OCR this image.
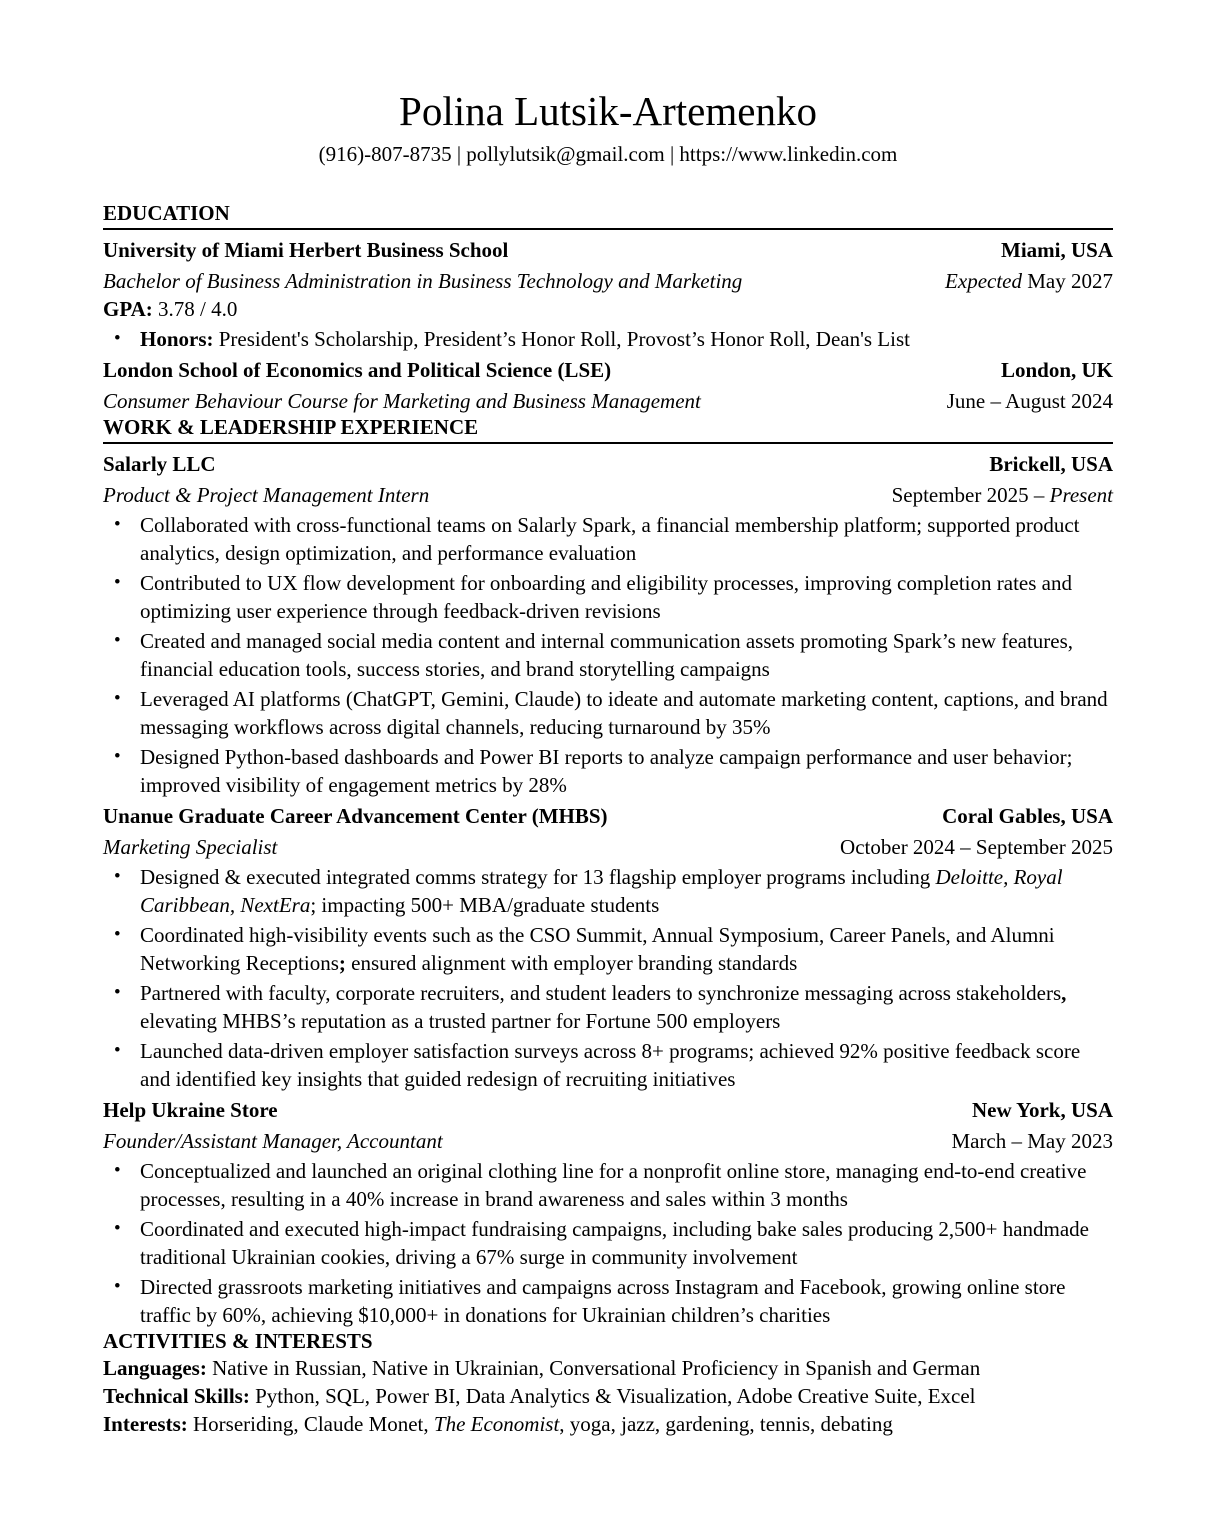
Polina Lutsik-Artemenko
(916)-807-8735 | pollylutsik@gmail.com | https://www.linkedin.com
EDUCATION
University of Miami Herbert Business School	Miami, USA
Bachelor of Business Administration in Business Technology and Marketing	Expected May 2027
GPA: 3.78 / 4.0
• Honors: President's Scholarship, President’s Honor Roll, Provost’s Honor Roll, Dean's List
London School of Economics and Political Science (LSE)	London, UK
Consumer Behaviour Course for Marketing and Business Management	June – August 2024
WORK & LEADERSHIP EXPERIENCE
Salarly LLC	Brickell, USA
Product & Project Management Intern	September 2025 – Present
• Collaborated with cross-functional teams on Salarly Spark, a financial membership platform; supported product analytics, design optimization, and performance evaluation
• Contributed to UX flow development for onboarding and eligibility processes, improving completion rates and optimizing user experience through feedback-driven revisions
• Created and managed social media content and internal communication assets promoting Spark’s new features, financial education tools, success stories, and brand storytelling campaigns
• Leveraged AI platforms (ChatGPT, Gemini, Claude) to ideate and automate marketing content, captions, and brand messaging workflows across digital channels, reducing turnaround by 35%
• Designed Python-based dashboards and Power BI reports to analyze campaign performance and user behavior; improved visibility of engagement metrics by 28%
Unanue Graduate Career Advancement Center (MHBS)	Coral Gables, USA
Marketing Specialist	October 2024 – September 2025
• Designed & executed integrated comms strategy for 13 flagship employer programs including Deloitte, Royal Caribbean, NextEra; impacting 500+ MBA/graduate students
• Coordinated high-visibility events such as the CSO Summit, Annual Symposium, Career Panels, and Alumni Networking Receptions; ensured alignment with employer branding standards
• Partnered with faculty, corporate recruiters, and student leaders to synchronize messaging across stakeholders, elevating MHBS’s reputation as a trusted partner for Fortune 500 employers
• Launched data-driven employer satisfaction surveys across 8+ programs; achieved 92% positive feedback score and identified key insights that guided redesign of recruiting initiatives
Help Ukraine Store	New York, USA
Founder/Assistant Manager, Accountant	March – May 2023
• Conceptualized and launched an original clothing line for a nonprofit online store, managing end-to-end creative processes, resulting in a 40% increase in brand awareness and sales within 3 months
• Coordinated and executed high-impact fundraising campaigns, including bake sales producing 2,500+ handmade traditional Ukrainian cookies, driving a 67% surge in community involvement
• Directed grassroots marketing initiatives and campaigns across Instagram and Facebook, growing online store traffic by 60%, achieving $10,000+ in donations for Ukrainian children’s charities
ACTIVITIES & INTERESTS
Languages: Native in Russian, Native in Ukrainian, Conversational Proficiency in Spanish and German
Technical Skills: Python, SQL, Power BI, Data Analytics & Visualization, Adobe Creative Suite, Excel
Interests: Horseriding, Claude Monet, The Economist, yoga, jazz, gardening, tennis, debating
